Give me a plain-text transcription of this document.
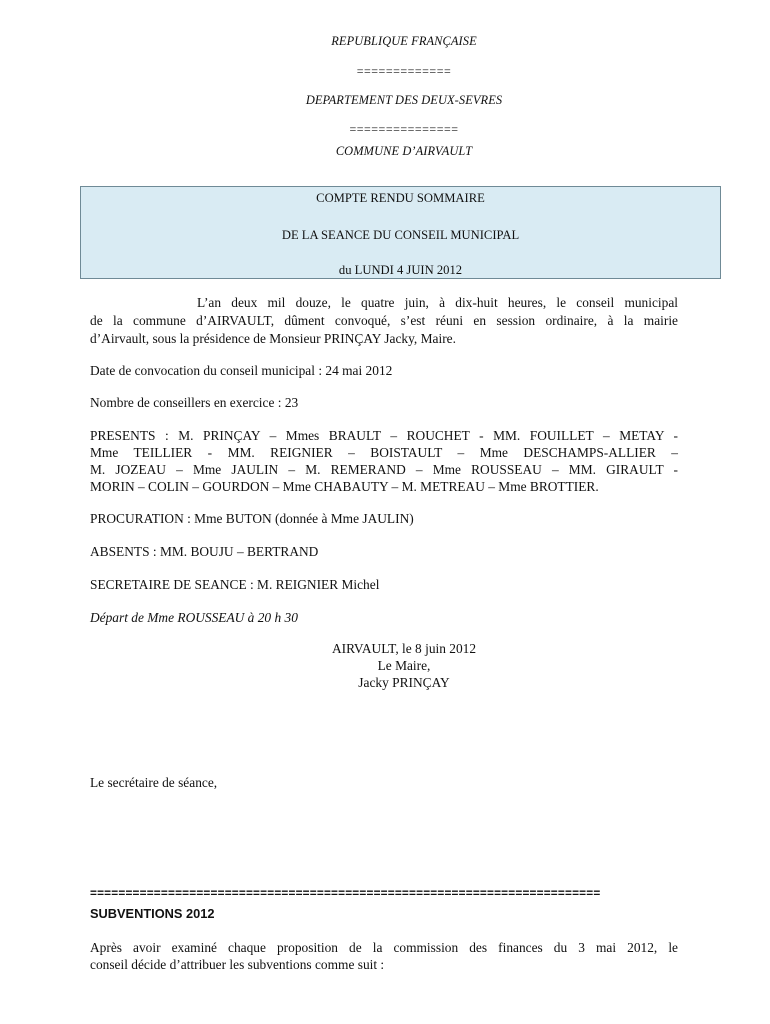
REPUBLIQUE FRANÇAISE
=============
DEPARTEMENT DES DEUX-SEVRES
===============
COMMUNE D’AIRVAULT
COMPTE RENDU SOMMAIRE
DE LA SEANCE DU CONSEIL MUNICIPAL
du LUNDI 4 JUIN 2012
L’an deux mil douze, le quatre juin, à dix-huit heures, le conseil municipal
de la commune d’AIRVAULT, dûment convoqué, s’est réuni en session ordinaire, à la mairie
d’Airvault, sous la présidence de Monsieur PRINÇAY Jacky, Maire.
Date de convocation du conseil municipal : 24 mai 2012
Nombre de conseillers en exercice : 23
PRESENTS : M. PRINÇAY – Mmes BRAULT – ROUCHET - MM. FOUILLET – METAY -
Mme TEILLIER - MM. REIGNIER – BOISTAULT – Mme DESCHAMPS-ALLIER –
M. JOZEAU – Mme JAULIN – M. REMERAND – Mme ROUSSEAU – MM. GIRAULT -
MORIN – COLIN – GOURDON – Mme CHABAUTY – M. METREAU – Mme BROTTIER.
PROCURATION : Mme BUTON (donnée à Mme JAULIN)
ABSENTS : MM. BOUJU – BERTRAND
SECRETAIRE DE SEANCE : M. REIGNIER Michel
Départ de Mme ROUSSEAU à 20 h 30
AIRVAULT, le 8 juin 2012
Le Maire,
Jacky PRINÇAY
Le secrétaire de séance,
========================================================================
SUBVENTIONS 2012
Après avoir examiné chaque proposition de la commission des finances du 3 mai 2012, le
conseil décide d’attribuer les subventions comme suit :
